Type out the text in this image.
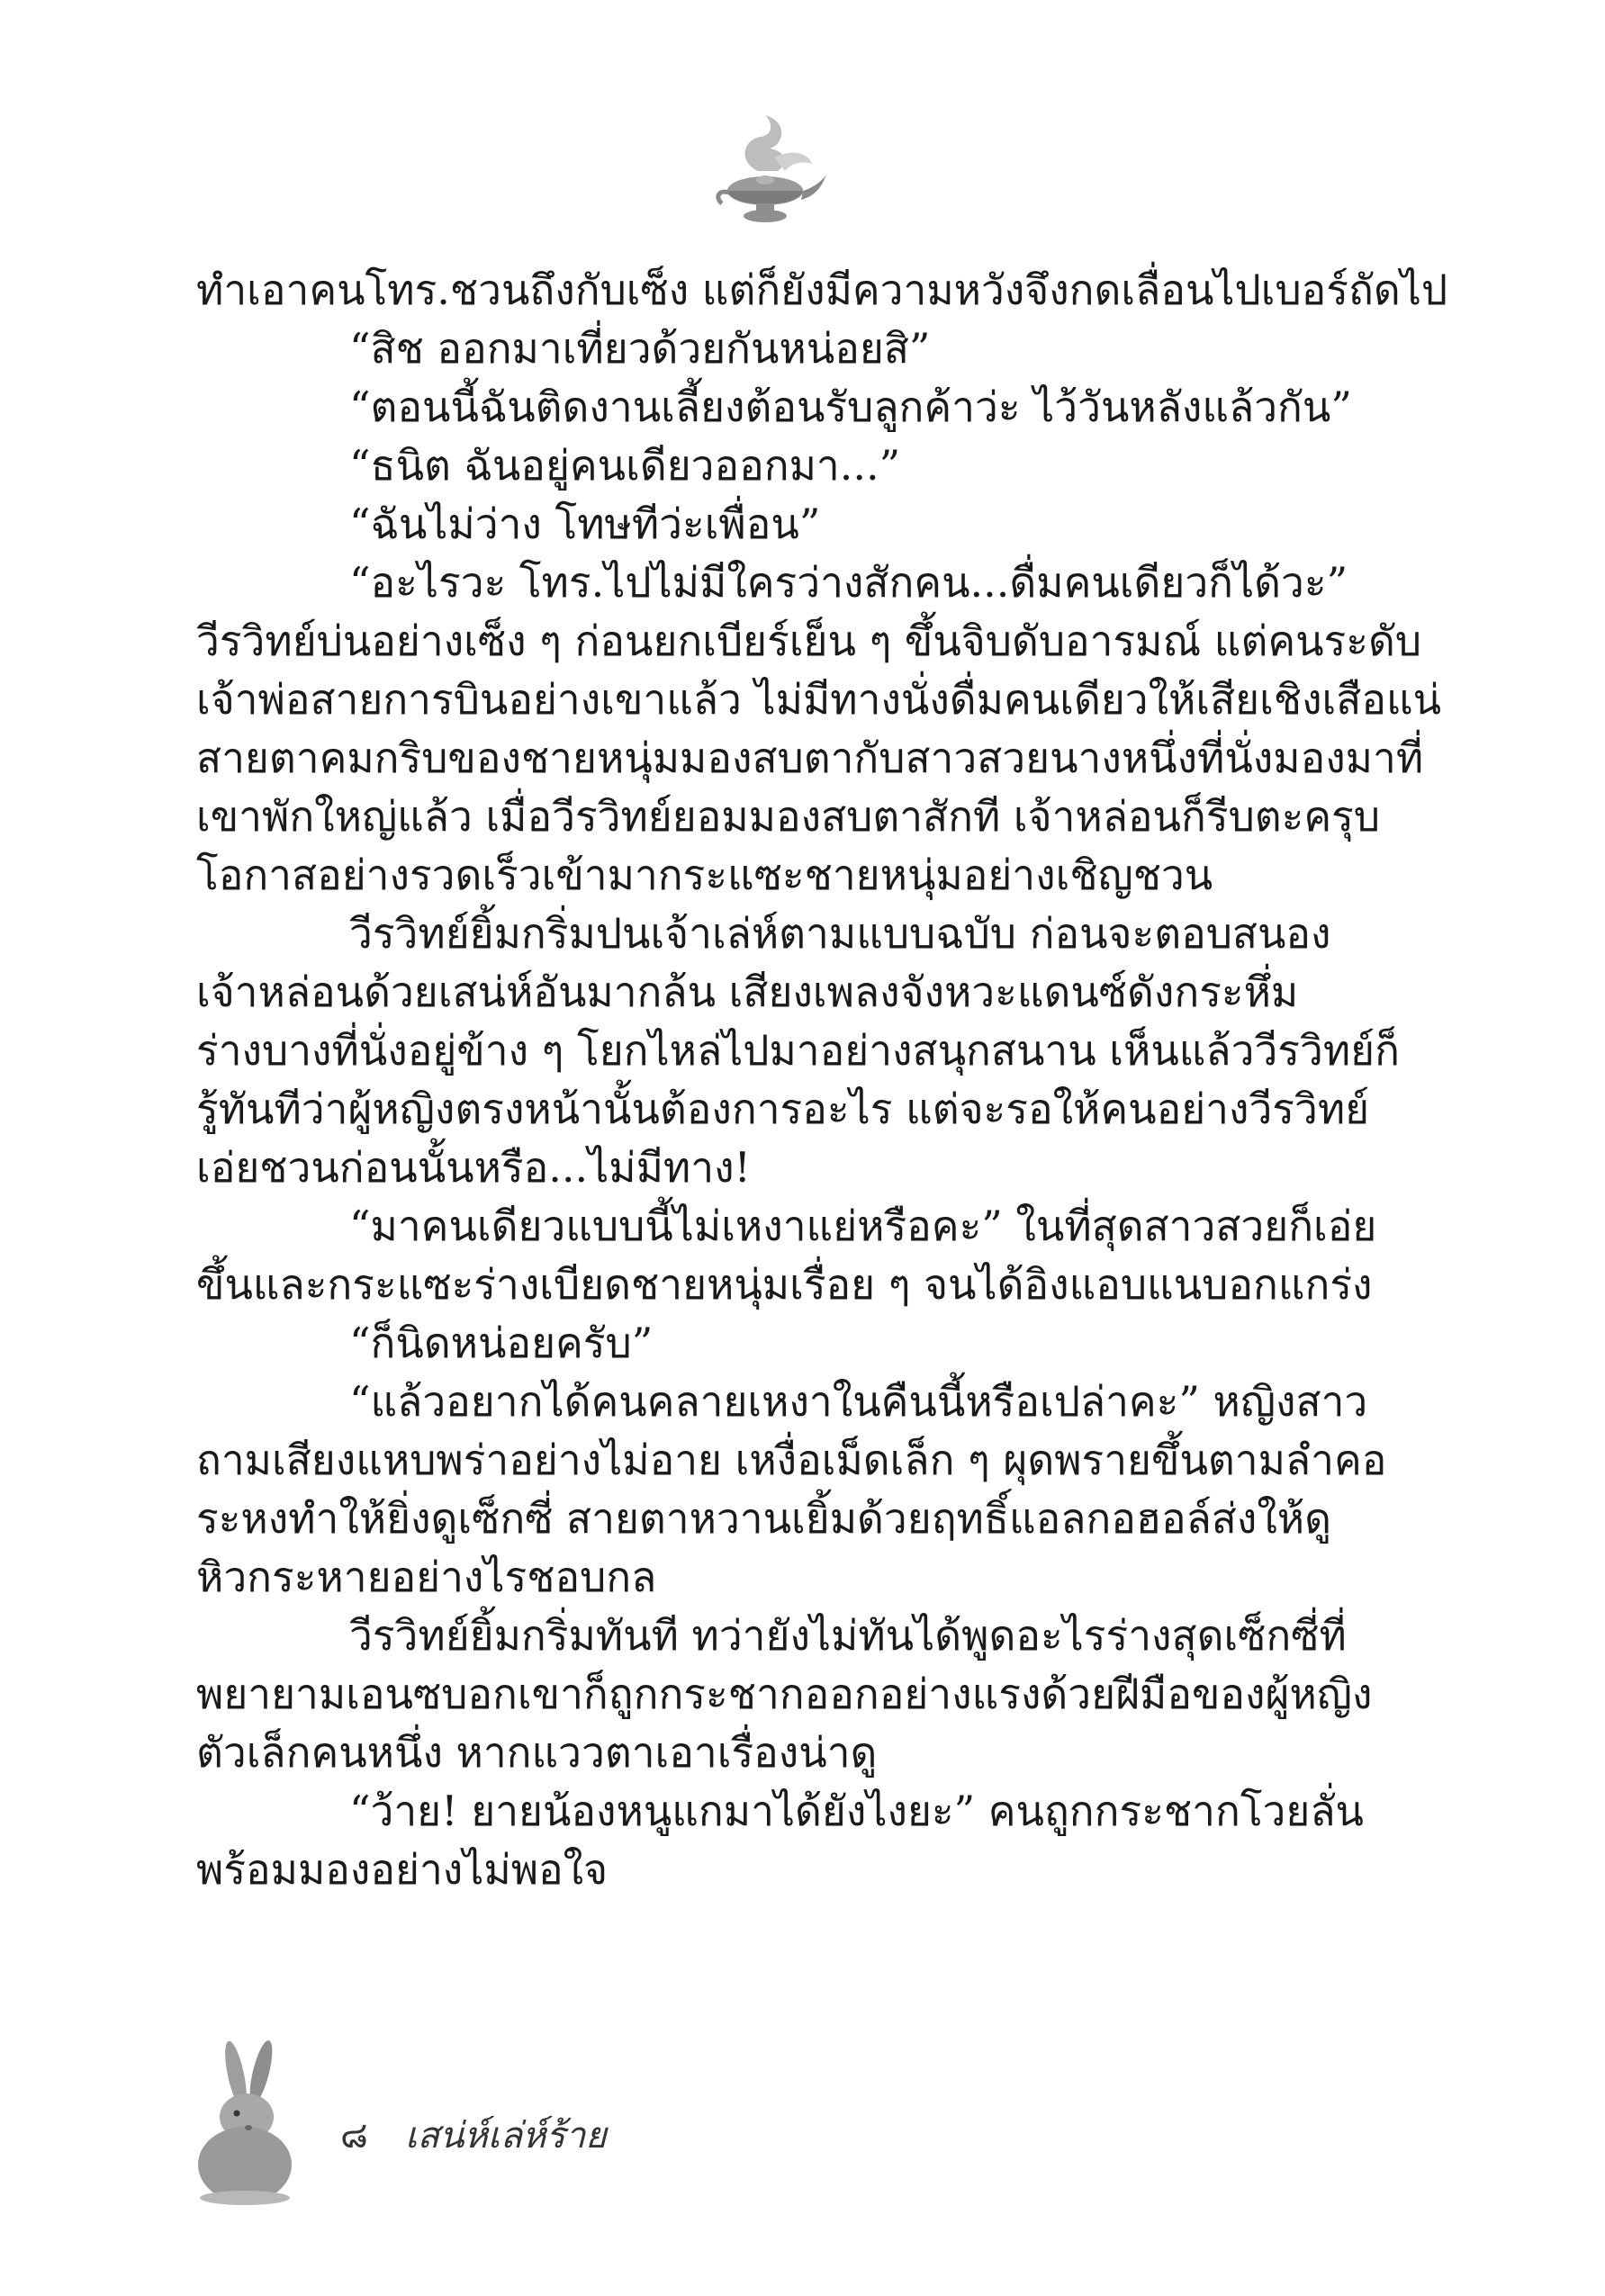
ทำเอาคนโทร.ชวนถึงกับเซ็ง แต่ก็ยังมีความหวังจึงกดเลื่อนไปเบอร์ถัดไป
“สิช ออกมาเที่ยวด้วยกันหน่อยสิ”
“ตอนนี้ฉันติดงานเลี้ยงต้อนรับลูกค้าว่ะ ไว้วันหลังแล้วกัน”
“ธนิต ฉันอยู่คนเดียวออกมา...”
“ฉันไม่ว่าง โทษทีว่ะเพื่อน”
“อะไรวะ โทร.ไปไม่มีใครว่างสักคน...ดื่มคนเดียวก็ได้วะ”
วีรวิทย์บ่นอย่างเซ็ง ๆ ก่อนยกเบียร์เย็น ๆ ขึ้นจิบดับอารมณ์ แต่คนระดับ
เจ้าพ่อสายการบินอย่างเขาแล้ว ไม่มีทางนั่งดื่มคนเดียวให้เสียเชิงเสือแน่
สายตาคมกริบของชายหนุ่มมองสบตากับสาวสวยนางหนึ่งที่นั่งมองมาที่
เขาพักใหญ่แล้ว เมื่อวีรวิทย์ยอมมองสบตาสักที เจ้าหล่อนก็รีบตะครุบ
โอกาสอย่างรวดเร็วเข้ามากระแซะชายหนุ่มอย่างเชิญชวน
วีรวิทย์ยิ้มกริ่มปนเจ้าเล่ห์ตามแบบฉบับ ก่อนจะตอบสนอง
เจ้าหล่อนด้วยเสน่ห์อันมากล้น เสียงเพลงจังหวะแดนซ์ดังกระหึ่ม
ร่างบางที่นั่งอยู่ข้าง ๆ โยกไหล่ไปมาอย่างสนุกสนาน เห็นแล้ววีรวิทย์ก็
รู้ทันทีว่าผู้หญิงตรงหน้านั้นต้องการอะไร แต่จะรอให้คนอย่างวีรวิทย์
เอ่ยชวนก่อนนั้นหรือ...ไม่มีทาง!
“มาคนเดียวแบบนี้ไม่เหงาแย่หรือคะ” ในที่สุดสาวสวยก็เอ่ย
ขึ้นและกระแซะร่างเบียดชายหนุ่มเรื่อย ๆ จนได้อิงแอบแนบอกแกร่ง
“ก็นิดหน่อยครับ”
“แล้วอยากได้คนคลายเหงาในคืนนี้หรือเปล่าคะ” หญิงสาว
ถามเสียงแหบพร่าอย่างไม่อาย เหงื่อเม็ดเล็ก ๆ ผุดพรายขึ้นตามลำคอ
ระหงทำให้ยิ่งดูเซ็กซี่ สายตาหวานเยิ้มด้วยฤทธิ์แอลกอฮอล์ส่งให้ดู
หิวกระหายอย่างไรชอบกล
วีรวิทย์ยิ้มกริ่มทันที ทว่ายังไม่ทันได้พูดอะไรร่างสุดเซ็กซี่ที่
พยายามเอนซบอกเขาก็ถูกกระชากออกอย่างแรงด้วยฝีมือของผู้หญิง
ตัวเล็กคนหนึ่ง หากแววตาเอาเรื่องน่าดู
“ว้าย! ยายน้องหนูแกมาได้ยังไงยะ” คนถูกกระชากโวยลั่น
พร้อมมองอย่างไม่พอใจ
๘ เสน่ห์เล่ห์ร้าย
